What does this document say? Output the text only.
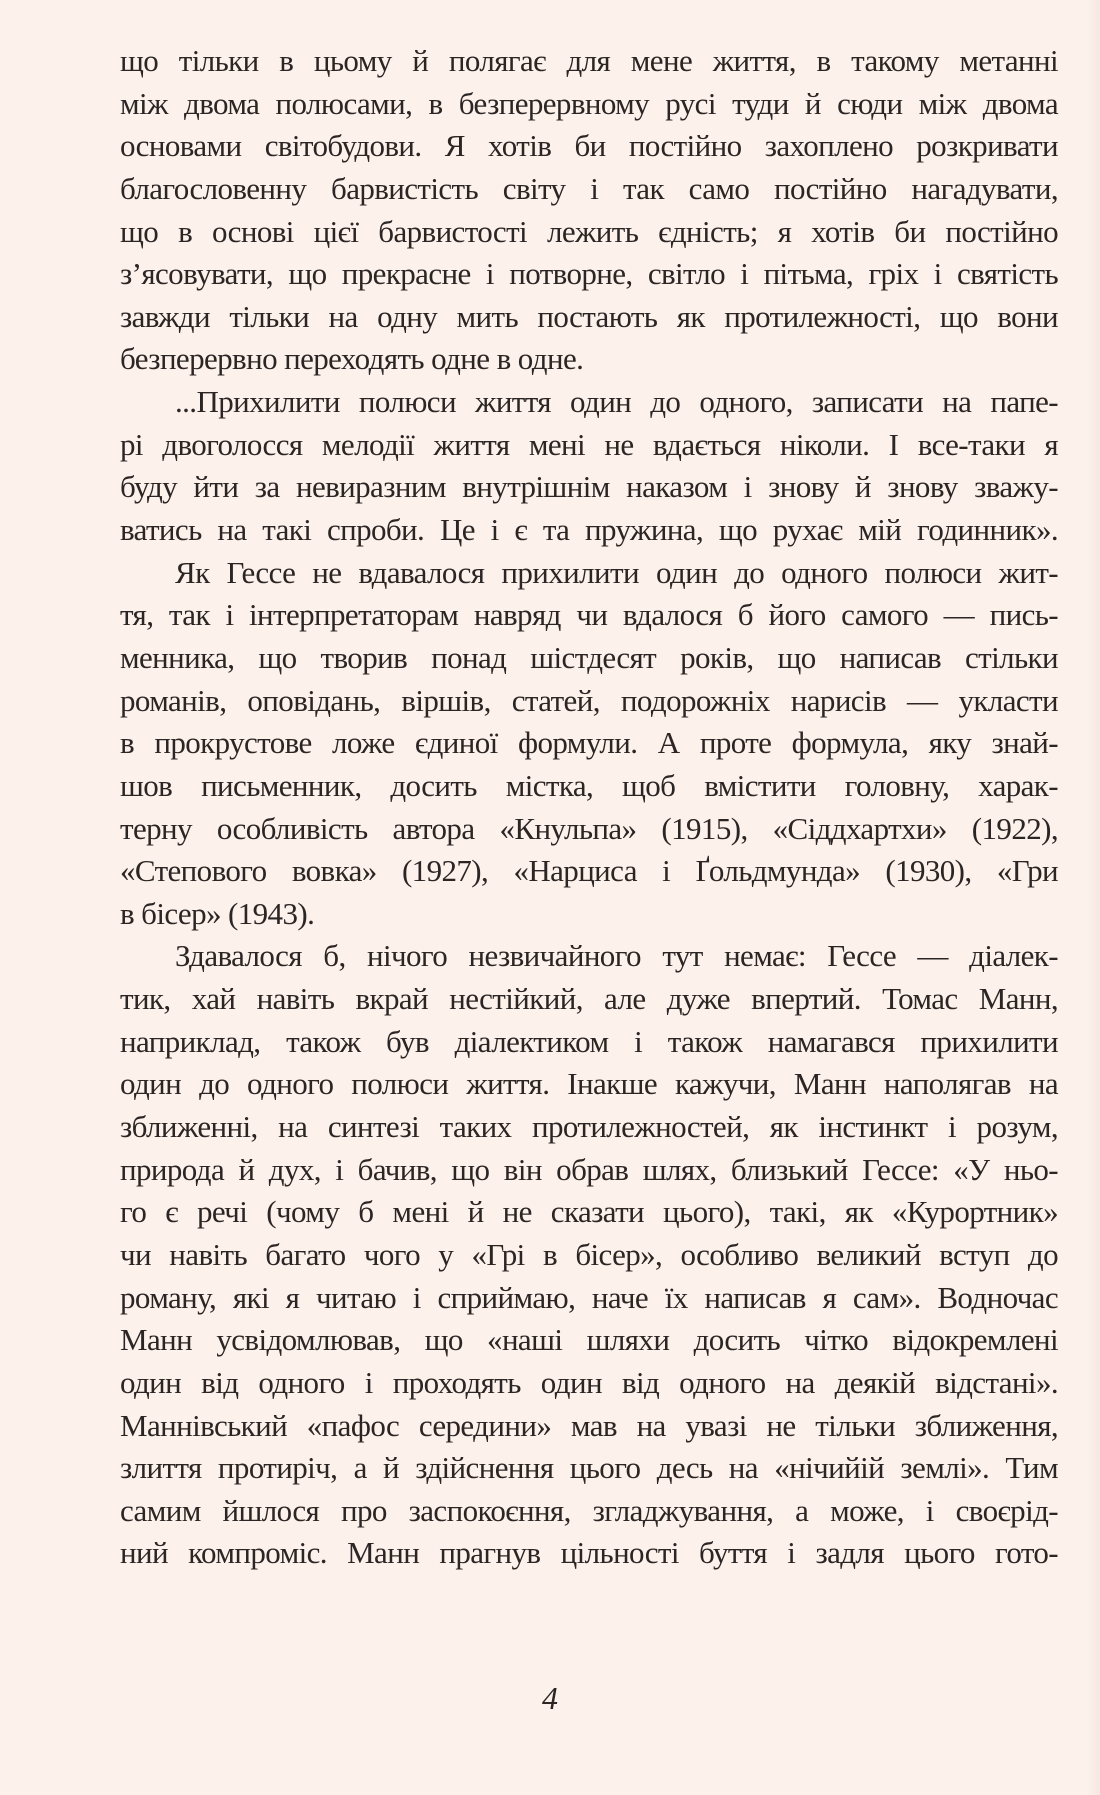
що тільки в цьому й полягає для мене життя, в такому метанні
між двома полюсами, в безперервному русі туди й сюди між двома
основами світобудови. Я хотів би постійно захоплено розкривати
благословенну барвистість світу і так само постійно нагадувати,
що в основі цієї барвистості лежить єдність; я хотів би постійно
з’ясовувати, що прекрасне і потворне, світло і пітьма, гріх і святість
завжди тільки на одну мить постають як протилежності, що вони
безперервно переходять одне в одне.
...Прихилити полюси життя один до одного, записати на папе-
рі двоголосся мелодії життя мені не вдається ніколи. І все-таки я
буду йти за невиразним внутрішнім наказом і знову й знову зважу-
ватись на такі спроби. Це і є та пружина, що рухає мій годинник».
Як Гессе не вдавалося прихилити один до одного полюси жит-
тя, так і інтерпретаторам навряд чи вдалося б його самого — пись-
менника, що творив понад шістдесят років, що написав стільки
романів, оповідань, віршів, статей, подорожніх нарисів — укласти
в прокрустове ложе єдиної формули. А проте формула, яку знай-
шов письменник, досить містка, щоб вмістити головну, харак-
терну особливість автора «Кнульпа» (1915), «Сіддхартхи» (1922),
«Степового вовка» (1927), «Нарциса і Ґольдмунда» (1930), «Гри
в бісер» (1943).
Здавалося б, нічого незвичайного тут немає: Гессе — діалек-
тик, хай навіть вкрай нестійкий, але дуже впертий. Томас Манн,
наприклад, також був діалектиком і також намагався прихилити
один до одного полюси життя. Інакше кажучи, Манн наполягав на
зближенні, на синтезі таких протилежностей, як інстинкт і розум,
природа й дух, і бачив, що він обрав шлях, близький Гессе: «У ньо-
го є речі (чому б мені й не сказати цього), такі, як «Курортник»
чи навіть багато чого у «Грі в бісер», особливо великий вступ до
роману, які я читаю і сприймаю, наче їх написав я сам». Водночас
Манн усвідомлював, що «наші шляхи досить чітко відокремлені
один від одного і проходять один від одного на деякій відстані».
Маннівський «пафос середини» мав на увазі не тільки зближення,
злиття протиріч, а й здійснення цього десь на «нічийій землі». Тим
самим йшлося про заспокоєння, згладжування, а може, і своєрід-
ний компроміс. Манн прагнув цільності буття і задля цього гото-
4
